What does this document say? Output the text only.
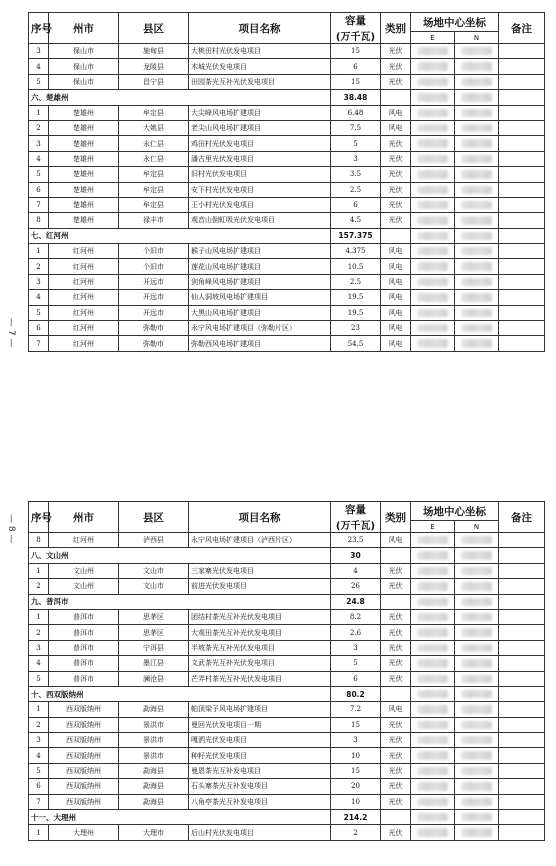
— 7 —
— 8 —
序号	州市	县区	项目名称	容量
(万千瓦)	类别	场地中心坐标		备注
						E	N	
3	保山市	施甸县	大桃田村光伏发电项目	15	光伏	

4	保山市	龙陵县	木城光伏发电项目	6	光伏	

5	保山市	昌宁县	田园茶光互补光伏发电项目	15	光伏	

六、楚雄州				38.48		

1	楚雄州	牟定县	大尖峰风电场扩建项目	6.48	风电	

2	楚雄州	大姚县	老尖山风电场扩建项目	7.5	风电	

3	楚雄州	永仁县	鸡田村光伏发电项目	5	光伏	

4	楚雄州	永仁县	潘古里光伏发电项目	3	光伏	

5	楚雄州	牟定县	旧村光伏发电项目	3.5	光伏	

6	楚雄州	牟定县	安下村光伏发电项目	2.5	光伏	

7	楚雄州	牟定县	王小村光伏发电项目	6	光伏	

8	楚雄州	禄丰市	观音山倒虹吸光伏发电项目	4.5	光伏	

七、红河州				157.375		

1	红河州	个旧市	猴子山风电场扩建项目	4.375	风电	

2	红河州	个旧市	莲花山风电场扩建项目	10.5	风电	

3	红河州	开远市	剑角峰风电场扩建项目	2.5	风电	

4	红河州	开远市	仙人洞坡风电场扩建项目	19.5	风电	

5	红河州	开远市	大黑山风电场扩建项目	19.5	风电	

6	红河州	弥勒市	永宁风电场扩建项目（弥勒片区）	23	风电	

7	红河州	弥勒市	弥勒西风电场扩建项目	54.5	风电	

序号	州市	县区	项目名称	容量
(万千瓦)	类别	场地中心坐标		备注
						E	N	
8	红河州	泸西县	永宁风电场扩建项目（泸西片区）	23.5	风电	

八、文山州				30		

1	文山州	文山市	三家寨光伏发电项目	4	光伏	

2	文山州	文山市	前进光伏发电项目	26	光伏	

九、普洱市				24.8		

1	普洱市	思茅区	团结村茶光互补光伏发电项目	8.2	光伏	

2	普洱市	思茅区	大观田茶光互补光伏发电项目	2.6	光伏	

3	普洱市	宁洱县	半坡茶光互补光伏发电项目	3	光伏	

4	普洱市	墨江县	文武茶光互补光伏发电项目	5	光伏	

5	普洱市	澜沧县	芒弄村茶光互补光伏发电项目	6	光伏	

十、西双版纳州				80.2		

1	西双版纳州	勐海县	帕顶梁子风电场扩建项目	7.2	风电	

2	西双版纳州	景洪市	曼回光伏发电项目一期	15	光伏	

3	西双版纳州	景洪市	嘎洒光伏发电项目	3	光伏	

4	西双版纳州	景洪市	种籽光伏发电项目	10	光伏	

5	西双版纳州	勐海县	曼恩茶光互补发电项目	15	光伏	

6	西双版纳州	勐海县	石头寨茶光互补发电项目	20	光伏	

7	西双版纳州	勐海县	八角亭茶光互补发电项目	10	光伏	

十一、大理州				214.2		

1	大理州	大理市	后山村光伏发电项目	2	光伏	
